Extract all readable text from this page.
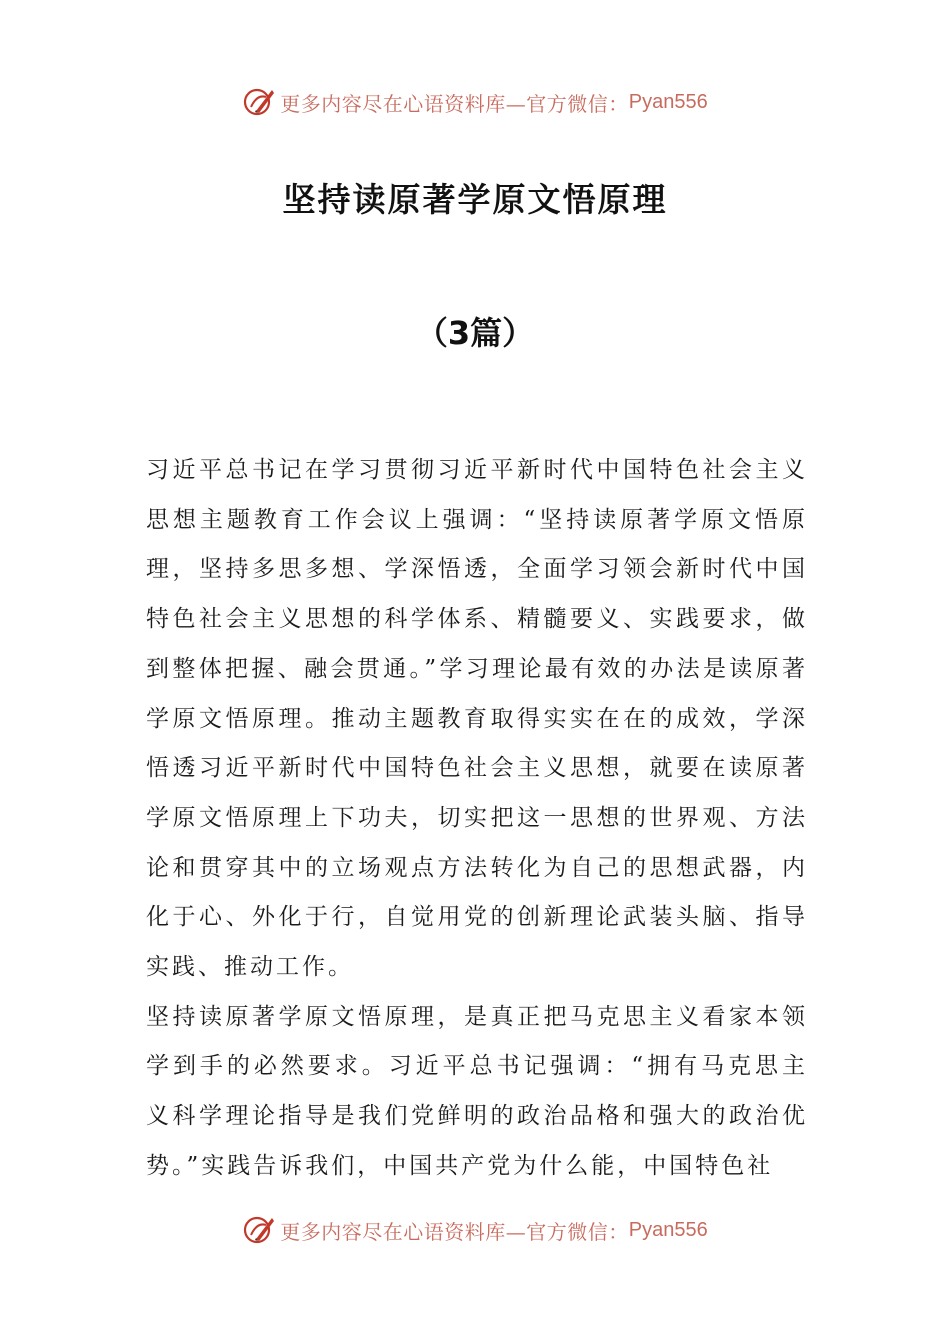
更多内容尽在心语资料库—官方微信： Pyan556
坚持读原著学原文悟原理
（3篇）

习近平总书记在学习贯彻习近平新时代中国特色社会主义思想主题教育工作会议上强调：“坚持读原著学原文悟原理，坚持多思多想、学深悟透，全面学习领会新时代中国特色社会主义思想的科学体系、精髓要义、实践要求，做到整体把握、融会贯通。”学习理论最有效的办法是读原著学原文悟原理。推动主题教育取得实实在在的成效，学深悟透习近平新时代中国特色社会主义思想，就要在读原著学原文悟原理上下功夫，切实把这一思想的世界观、方法论和贯穿其中的立场观点方法转化为自己的思想武器，内化于心、外化于行，自觉用党的创新理论武装头脑、指导实践、推动工作。

坚持读原著学原文悟原理，是真正把马克思主义看家本领学到手的必然要求。习近平总书记强调：“拥有马克思主义科学理论指导是我们党鲜明的政治品格和强大的政治优势。”实践告诉我们，中国共产党为什么能，中国特色社

更多内容尽在心语资料库—官方微信： Pyan556
